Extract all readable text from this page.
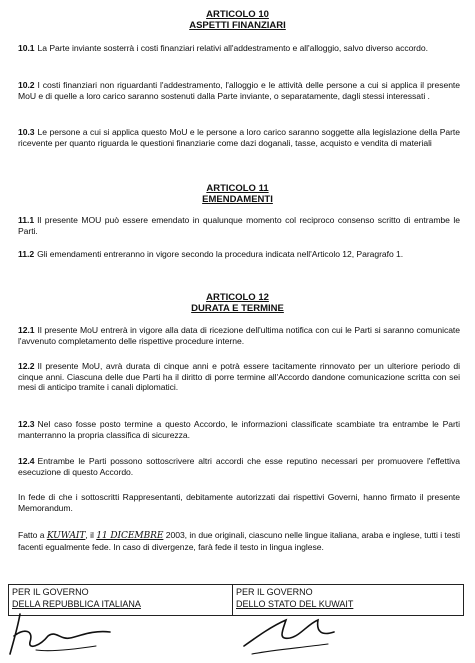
ARTICOLO 10
ASPETTI FINANZIARI
10.1 La Parte inviante sosterrà i costi finanziari relativi all'addestramento e all'alloggio, salvo diverso accordo.
10.2 I costi finanziari non riguardanti l'addestramento, l'alloggio e le attività delle persone a cui si applica il presente MoU e di quelle a loro carico saranno sostenuti dalla Parte inviante, o separatamente, dagli stessi interessati .
10.3 Le persone a cui si applica questo MoU e le persone a loro carico saranno soggette alla legislazione della Parte ricevente per quanto riguarda le questioni finanziarie come dazi doganali, tasse, acquisto e vendita di materiali
ARTICOLO 11
EMENDAMENTI
11.1 Il presente MOU può essere emendato in qualunque momento col reciproco consenso scritto di entrambe le Parti.
11.2 Gli emendamenti entreranno in vigore secondo la procedura indicata nell'Articolo 12, Paragrafo 1.
ARTICOLO 12
DURATA E TERMINE
12.1 Il presente MoU entrerà in vigore alla data di ricezione dell'ultima notifica con cui le Parti si saranno comunicate l'avvenuto completamento delle rispettive procedure interne.
12.2 Il presente MoU, avrà durata di cinque anni e potrà essere tacitamente rinnovato per un ulteriore periodo di cinque anni. Ciascuna delle due Parti ha il diritto di porre termine all'Accordo dandone comunicazione scritta con sei mesi di anticipo tramite i canali diplomatici.
12.3 Nel caso fosse posto termine a questo Accordo, le informazioni classificate scambiate tra entrambe le Parti manterranno la propria classifica di sicurezza.
12.4 Entrambe le Parti possono sottoscrivere altri accordi che esse reputino necessari per promuovere l'effettiva esecuzione di questo Accordo.
In fede di che i sottoscritti Rappresentanti, debitamente autorizzati dai rispettivi Governi, hanno firmato il presente Memorandum.
Fatto a KUWAIT, il 11 DICEMBRE 2003, in due originali, ciascuno nelle lingue italiana, araba e inglese, tutti i testi facenti egualmente fede. In caso di divergenze, farà fede il testo in lingua inglese.
PER IL GOVERNO
DELLA REPUBBLICA ITALIANA
PER IL GOVERNO
DELLO STATO DEL KUWAIT
